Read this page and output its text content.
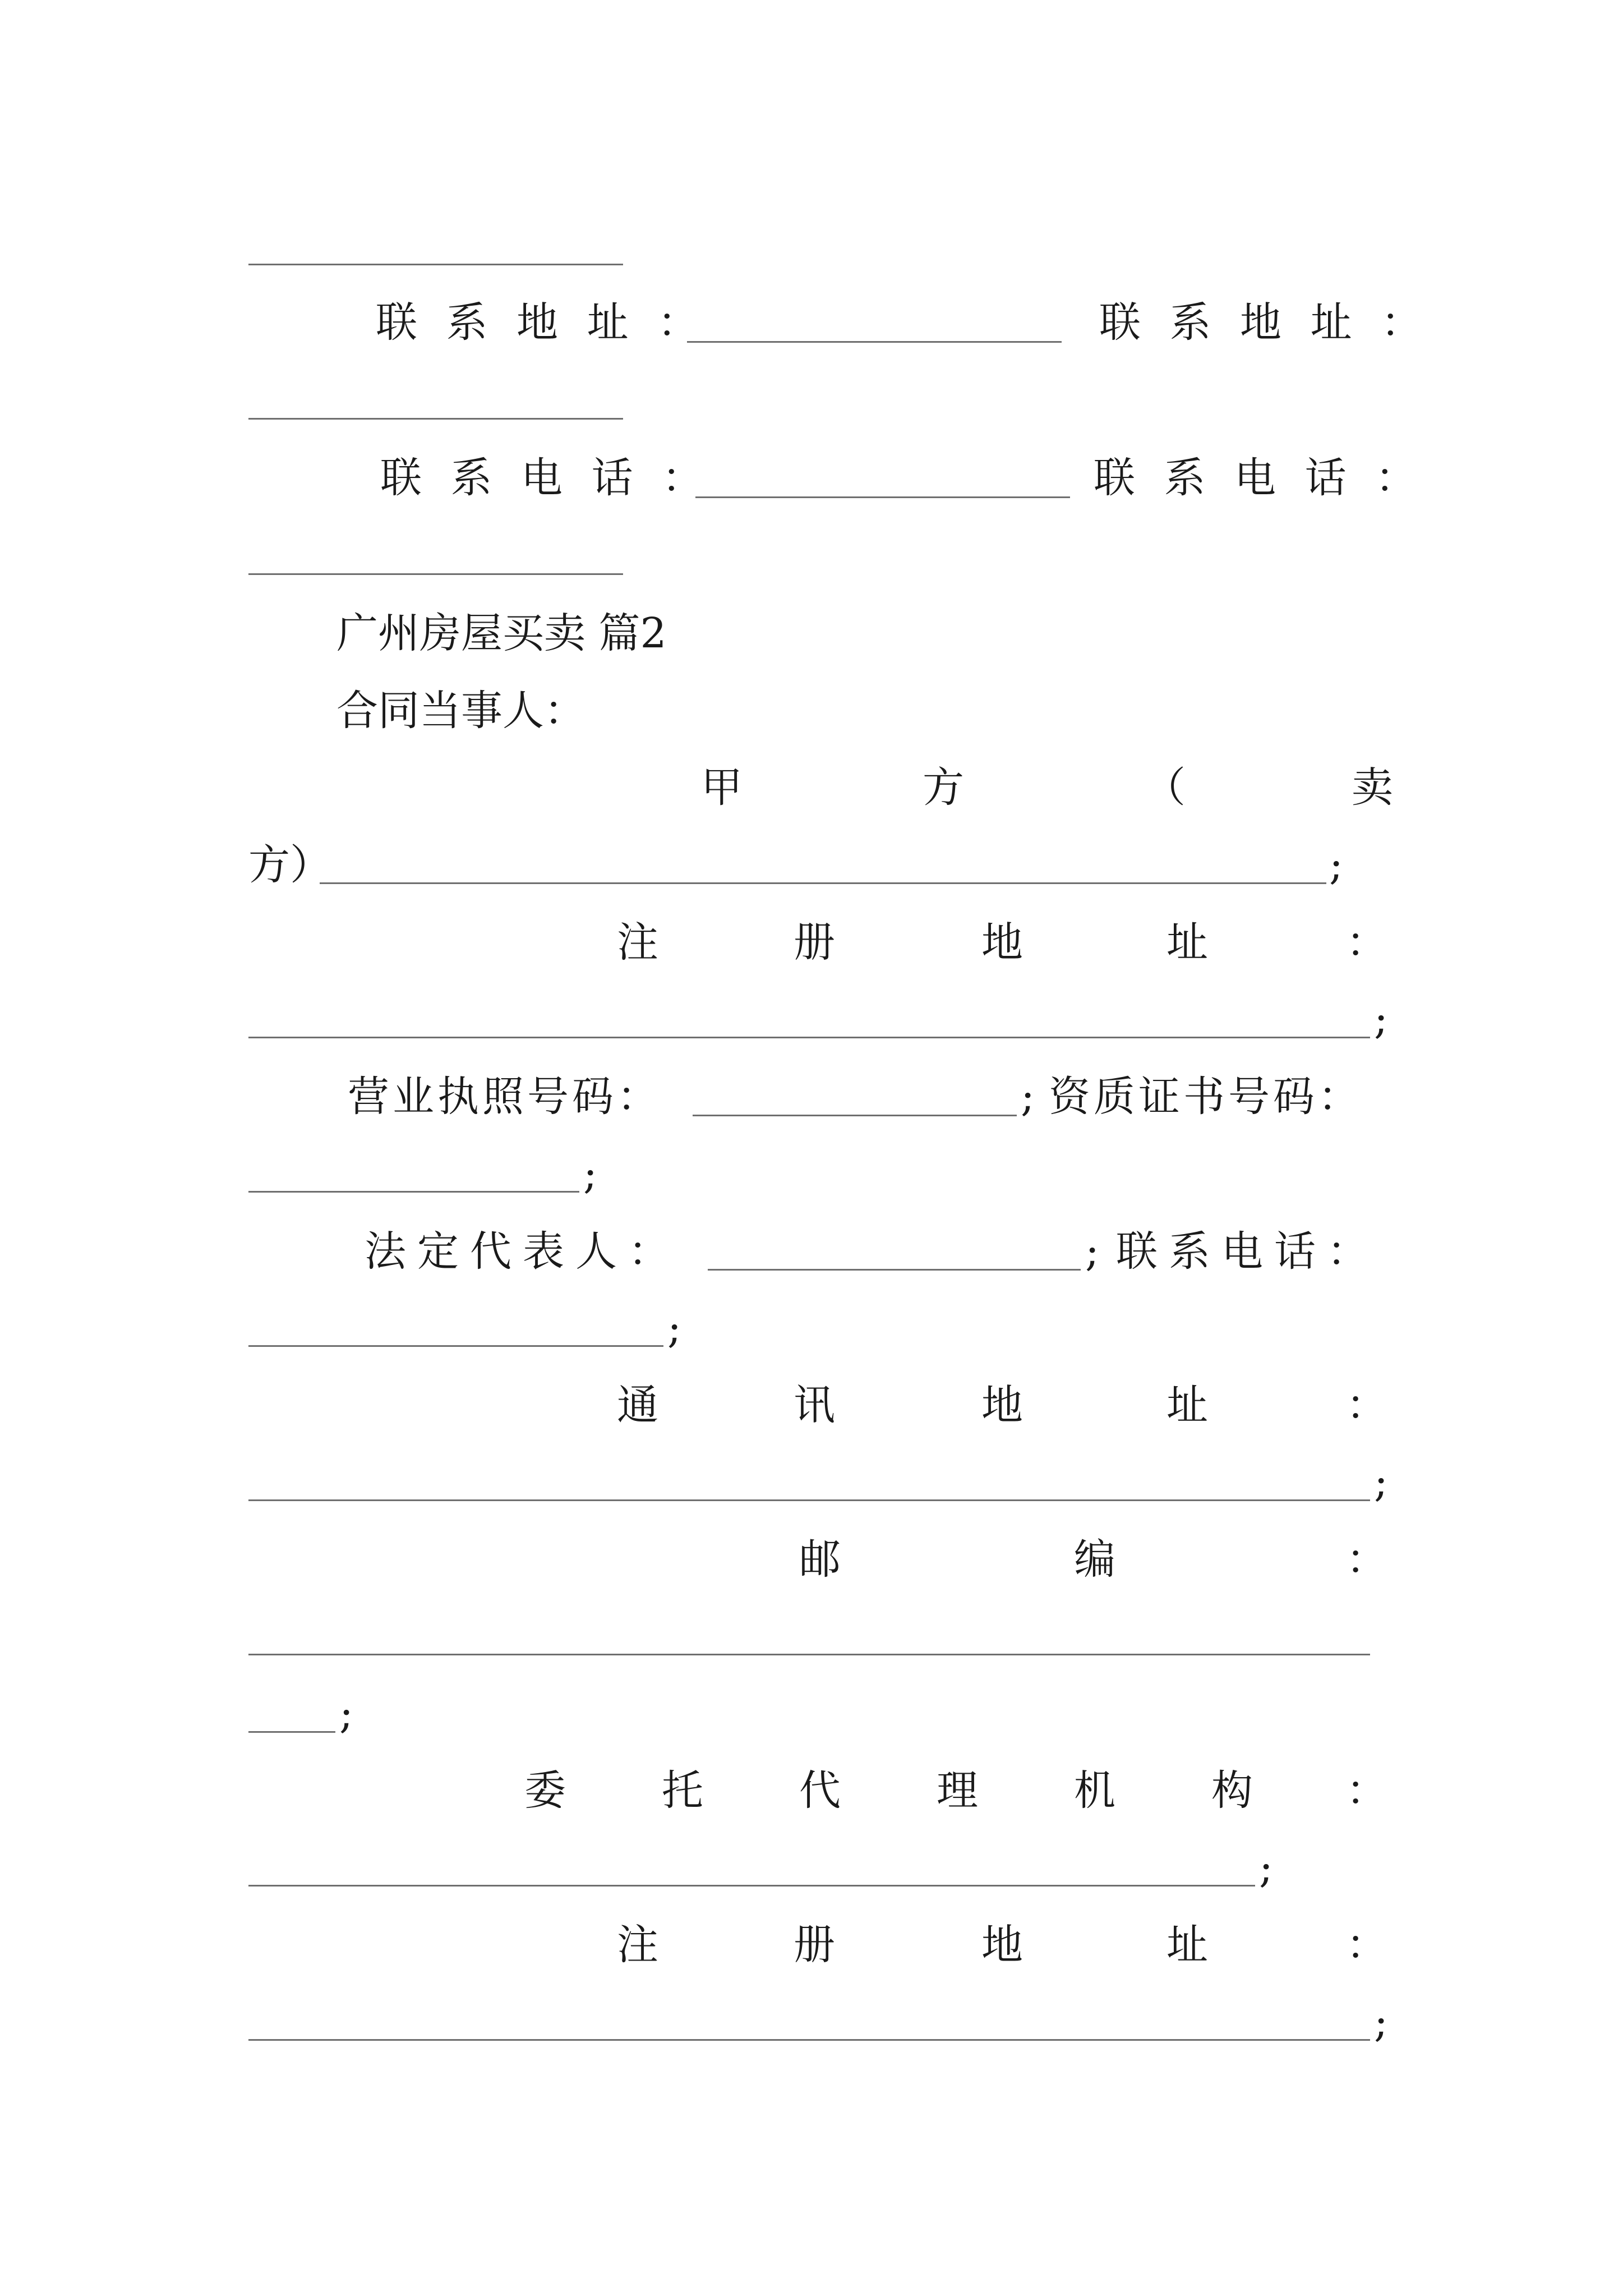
联 系 地 址 ：	联 系 地 址 ：
联 系 电 话 ：	联 系 电 话 ：
广州房屋买卖 篇2
合同当事人：
甲	方	（	卖
方）	;
注	册	地	址	：
;
营业执照号码：	; 资质证书号码：
;
法定代表人：	; 联系电话：
;
通	讯	地	址	：
;
邮	编	：
;
委 托 代 理 机 构 ：
;
注	册	地	址	：
;
